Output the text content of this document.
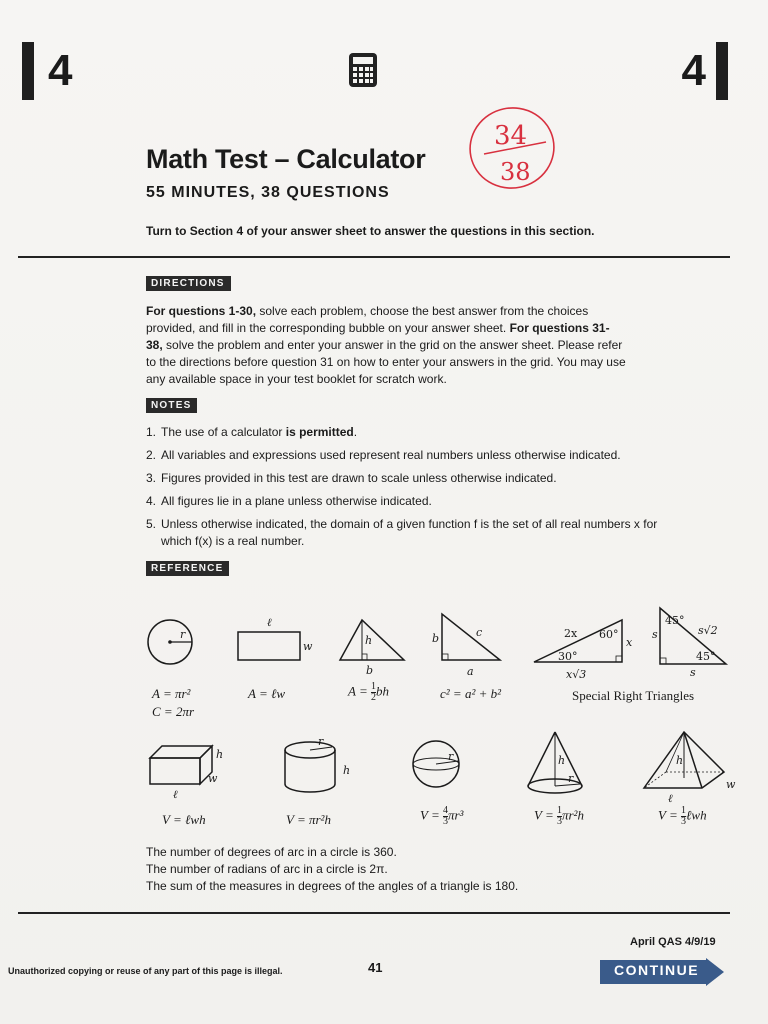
4	4
Math Test – Calculator
55 MINUTES, 38 QUESTIONS
Turn to Section 4 of your answer sheet to answer the questions in this section.
34
38
DIRECTIONS
For questions 1-30, solve each problem, choose the best answer from the choices provided, and fill in the corresponding bubble on your answer sheet. For questions 31-38, solve the problem and enter your answer in the grid on the answer sheet. Please refer to the directions before question 31 on how to enter your answers in the grid. You may use any available space in your test booklet for scratch work.
NOTES
1. The use of a calculator is permitted.
2. All variables and expressions used represent real numbers unless otherwise indicated.
3. Figures provided in this test are drawn to scale unless otherwise indicated.
4. All figures lie in a plane unless otherwise indicated.
5. Unless otherwise indicated, the domain of a given function f is the set of all real numbers x for which f(x) is a real number.
REFERENCE
r
ℓ
w	h
b
b	c
a
2x 60°
x
30°
x√3
45°
s√2
s
45°
s
h
w
ℓ
r
h
r	h
r
h
w
ℓ
A = πr²
C = 2πr
A = ℓw	$A = \frac{1}{2}$ bh	c² = a² + b²	Special Right Triangles
V = ℓwh	V = πr²h	$V = \frac{4}{3} \pi r^3$	$V = \frac{1}{3} \pi r^2h$	$V = \frac{1}{3}$ ℓwh
The number of degrees of arc in a circle is 360.
The number of radians of arc in a circle is 2π.
The sum of the measures in degrees of the angles of a triangle is 180.
April QAS 4/9/19
Unauthorized copying or reuse of any part of this page is illegal.	41	CONTINUE
